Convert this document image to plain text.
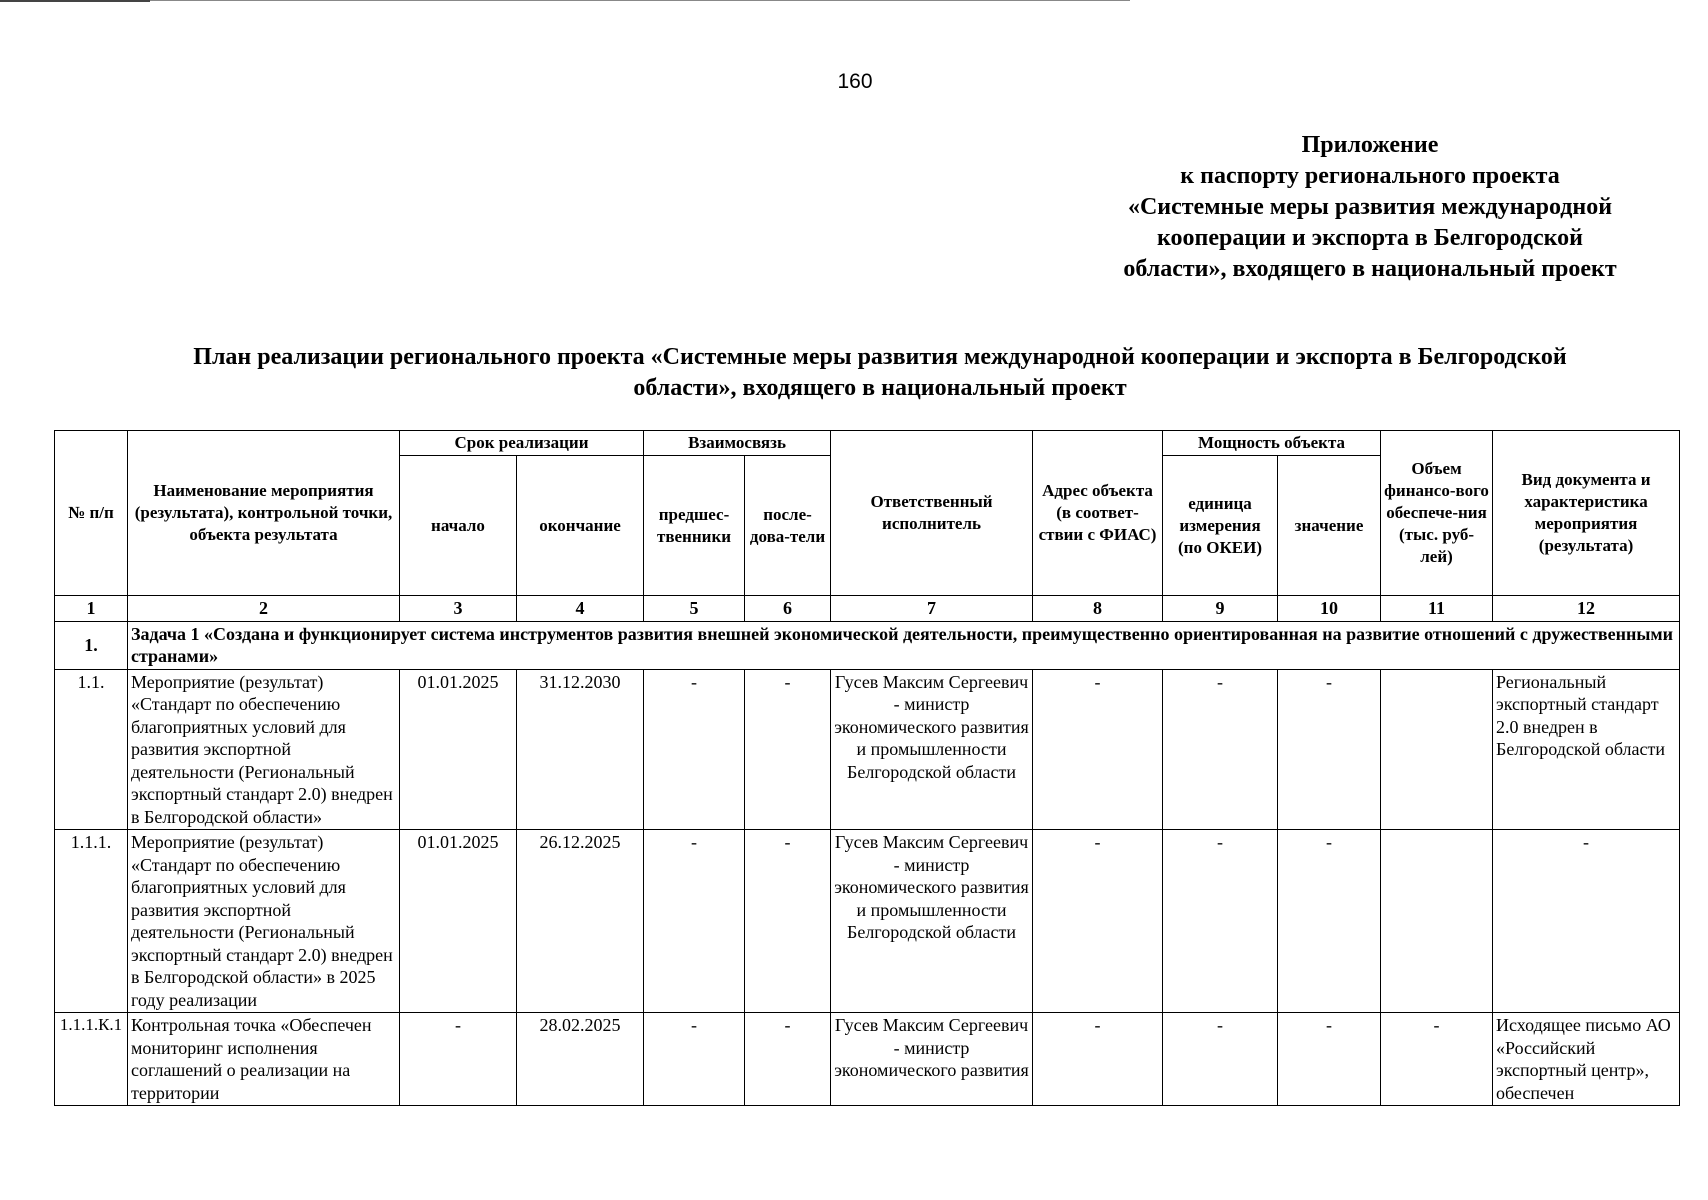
160
Приложение
к паспорту регионального проекта
«Системные меры развития международной
кооперации и экспорта в Белгородской
области», входящего в национальный проект
План реализации регионального проекта «Системные меры развития международной кооперации и экспорта в Белгородской
области», входящего в национальный проект
№ п/п	Наименование мероприятия (результата), контрольной точки, объекта результата	Срок реализации		Взаимосвязь		Ответственный исполнитель	Адрес объекта (в соответ-ствии с ФИАС)	Мощность объекта		Объем финансо-вого обеспече-ния (тыс. руб-лей)	Вид документа и характеристика мероприятия (результата)
		начало	окончание	предшес-твенники	после-дова-тели			единица измерения (по ОКЕИ)	значение		
1	2	3	4	5	6	7	8	9	10	11	12
1.	Задача 1 «Создана и функционирует система инструментов развития внешней экономической деятельности, преимущественно ориентированная на развитие отношений с дружественными странами»										
1.1.	Мероприятие (результат) «Стандарт по обеспечению благоприятных условий для развития экспортной деятельности (Региональный экспортный стандарт 2.0) внедрен в Белгородской области»	01.01.2025	31.12.2030	-	-	Гусев Максим Сергеевич - министр экономического развития и промышленности Белгородской области	-	-	-		Региональный экспортный стандарт 2.0 внедрен в Белгородской области
1.1.1.	Мероприятие (результат) «Стандарт по обеспечению благоприятных условий для развития экспортной деятельности (Региональный экспортный стандарт 2.0) внедрен в Белгородской области» в 2025 году реализации	01.01.2025	26.12.2025	-	-	Гусев Максим Сергеевич - министр экономического развития и промышленности Белгородской области	-	-	-		-
1.1.1.К.1	Контрольная точка «Обеспечен мониторинг исполнения соглашений о реализации на территории	-	28.02.2025	-	-	Гусев Максим Сергеевич - министр экономического развития	-	-	-	-	Исходящее письмо АО «Российский экспортный центр», обеспечен
